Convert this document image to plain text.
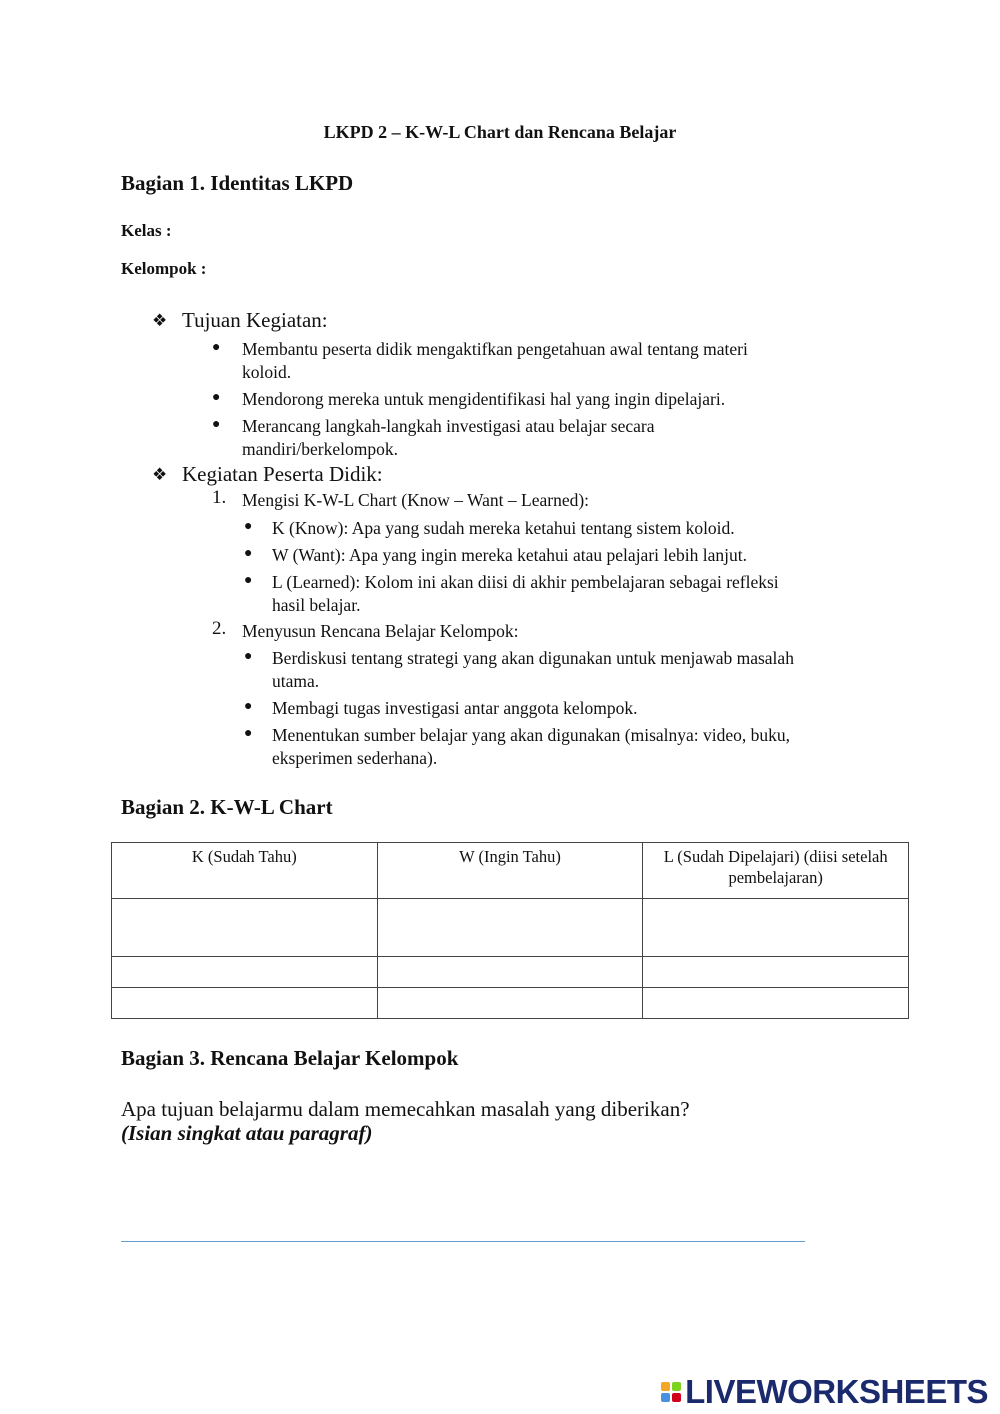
LKPD 2 – K-W-L Chart dan Rencana Belajar
Bagian 1. Identitas LKPD
Kelas :
Kelompok :
❖ Tujuan Kegiatan:
● Membantu peserta didik mengaktifkan pengetahuan awal tentang materi
koloid.
● Mendorong mereka untuk mengidentifikasi hal yang ingin dipelajari.
● Merancang langkah-langkah investigasi atau belajar secara
mandiri/berkelompok.
❖ Kegiatan Peserta Didik:
1. Mengisi K-W-L Chart (Know – Want – Learned):
● K (Know): Apa yang sudah mereka ketahui tentang sistem koloid.
● W (Want): Apa yang ingin mereka ketahui atau pelajari lebih lanjut.
● L (Learned): Kolom ini akan diisi di akhir pembelajaran sebagai refleksi
hasil belajar.
2. Menyusun Rencana Belajar Kelompok:
● Berdiskusi tentang strategi yang akan digunakan untuk menjawab masalah
utama.
● Membagi tugas investigasi antar anggota kelompok.
● Menentukan sumber belajar yang akan digunakan (misalnya: video, buku,
eksperimen sederhana).
Bagian 2. K-W-L Chart
K (Sudah Tahu)	W (Ingin Tahu)	L (Sudah Dipelajari) (diisi setelah pembelajaran)

Bagian 3. Rencana Belajar Kelompok
Apa tujuan belajarmu dalam memecahkan masalah yang diberikan?
(Isian singkat atau paragraf)
LIVEWORKSHEETS
